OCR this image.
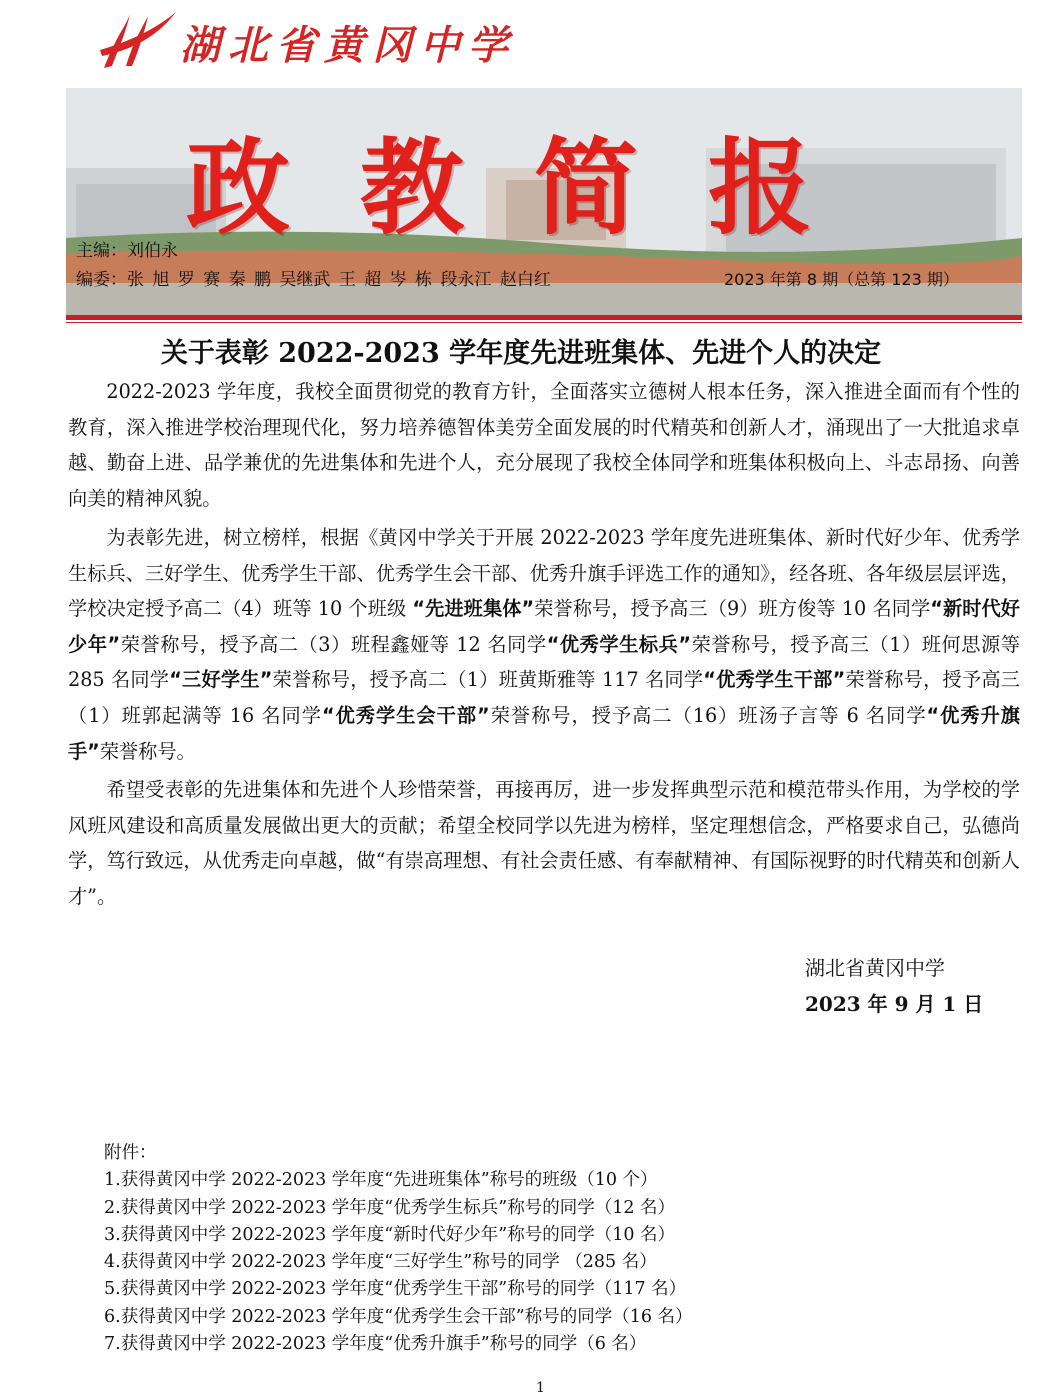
湖北省黄冈中学
政教简报
主编：刘伯永
编委：张 旭 罗 赛 秦 鹏 吴继武 王 超 岑 栋 段永江 赵白红	2023 年第 8 期（总第 123 期）
关于表彰 2022-2023 学年度先进班集体、先进个人的决定

2022-2023 学年度，我校全面贯彻党的教育方针，全面落实立德树人根本任务，深入推进全面而有个性的教育，深入推进学校治理现代化，努力培养德智体美劳全面发展的时代精英和创新人才，涌现出了一大批追求卓越、勤奋上进、品学兼优的先进集体和先进个人，充分展现了我校全体同学和班集体积极向上、斗志昂扬、向善向美的精神风貌。

为表彰先进，树立榜样，根据《黄冈中学关于开展 2022-2023 学年度先进班集体、新时代好少年、优秀学生标兵、三好学生、优秀学生干部、优秀学生会干部、优秀升旗手评选工作的通知》，经各班、各年级层层评选，学校决定授予高二（4）班等 10 个班级 “先进班集体”荣誉称号，授予高三（9）班方俊等 10 名同学“新时代好少年”荣誉称号，授予高二（3）班程鑫娅等 12 名同学“优秀学生标兵”荣誉称号，授予高三（1）班何思源等 285 名同学“三好学生”荣誉称号，授予高二（1）班黄斯雅等 117 名同学“优秀学生干部”荣誉称号，授予高三（1）班郭起满等 16 名同学“优秀学生会干部”荣誉称号，授予高二（16）班汤子言等 6 名同学“优秀升旗手”荣誉称号。

希望受表彰的先进集体和先进个人珍惜荣誉，再接再厉，进一步发挥典型示范和模范带头作用，为学校的学风班风建设和高质量发展做出更大的贡献；希望全校同学以先进为榜样，坚定理想信念，严格要求自己，弘德尚学，笃行致远，从优秀走向卓越，做“有崇高理想、有社会责任感、有奉献精神、有国际视野的时代精英和创新人才”。

湖北省黄冈中学
2023 年 9 月 1 日
附件：
1.获得黄冈中学 2022-2023 学年度“先进班集体”称号的班级（10 个）
2.获得黄冈中学 2022-2023 学年度“优秀学生标兵”称号的同学（12 名）
3.获得黄冈中学 2022-2023 学年度“新时代好少年”称号的同学（10 名）
4.获得黄冈中学 2022-2023 学年度“三好学生”称号的同学 （285 名）
5.获得黄冈中学 2022-2023 学年度“优秀学生干部”称号的同学（117 名）
6.获得黄冈中学 2022-2023 学年度“优秀学生会干部”称号的同学（16 名）
7.获得黄冈中学 2022-2023 学年度“优秀升旗手”称号的同学（6 名）
1
